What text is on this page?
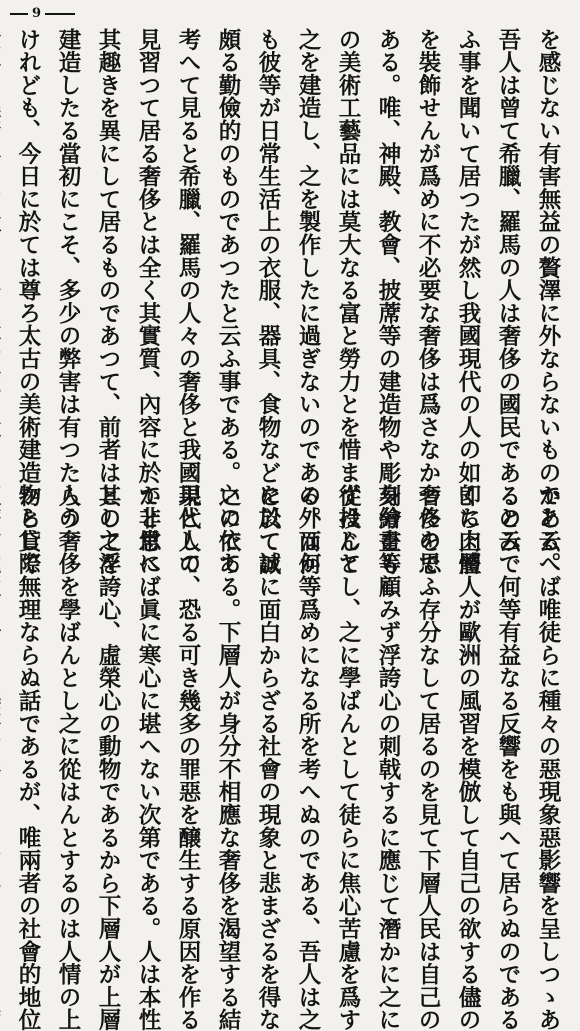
9
を感じない有害無益の贅澤に外ならないものである。
吾人は曾て希臘、羅馬の人は奢侈の國民であると云
ふ事を聞いて居つたが然し我國現代の人の如くに肉體
を裝飾せんが爲めに不必要な奢侈は爲さなかつたので
ある。唯、神殿、教會、披蓆等の建造物や彫刻繪畫等
の美術工藝品には莫大なる富と勞力とを惜まず投じて
之を建造し、之を製作したに過ぎないのである。而か
も彼等が日常生活上の衣服、器具、食物などに於ては
頗る勤儉的のものであつたと云ふ事である。之に依て
考へて見ると希臘、羅馬の人々の奢侈と我國現代人の
見習つて居る奢侈とは全く其實質、內容に於て非常に
其趣きを異にして居るものであつて、前者は其の之を
建造したる當初にこそ、多少の弊害は有つたらう
けれども、今日に於ては尊ろ太古の美術建造物として
かと云へば唯徒らに種々の惡現象惡影響を呈しつゝあ
るのみで何等有益なる反響をも與へて居らぬのである
卽ち上層人が歐洲の風習を模倣して自己の欲する儘の
奢侈を思ふ存分なして居るのを見て下層人民は自己の
身分をも顧みず浮誇心の刺戟するに應じて潛かに之に
從はんとし、之に學ばんとして徒らに焦心苦慮を爲す
の外は何等爲めになる所を考へぬのである、吾人は之
を以て誠に面白からざる社會の現象と悲まざるを得な
いのである。下層人が身分不相應な奢侈を渴望する結
果として、恐る可き幾多の罪惡を醸生する原因を作る
かと思へば眞に寒心に堪へない次第である。人は本性
として浮誇心、虛榮心の動物であるから下層人が上層
人の奢侈を學ばんとし之に從はんとするのは人情の上
から貸際無理ならぬ話であるが、唯兩者の社會的地位
